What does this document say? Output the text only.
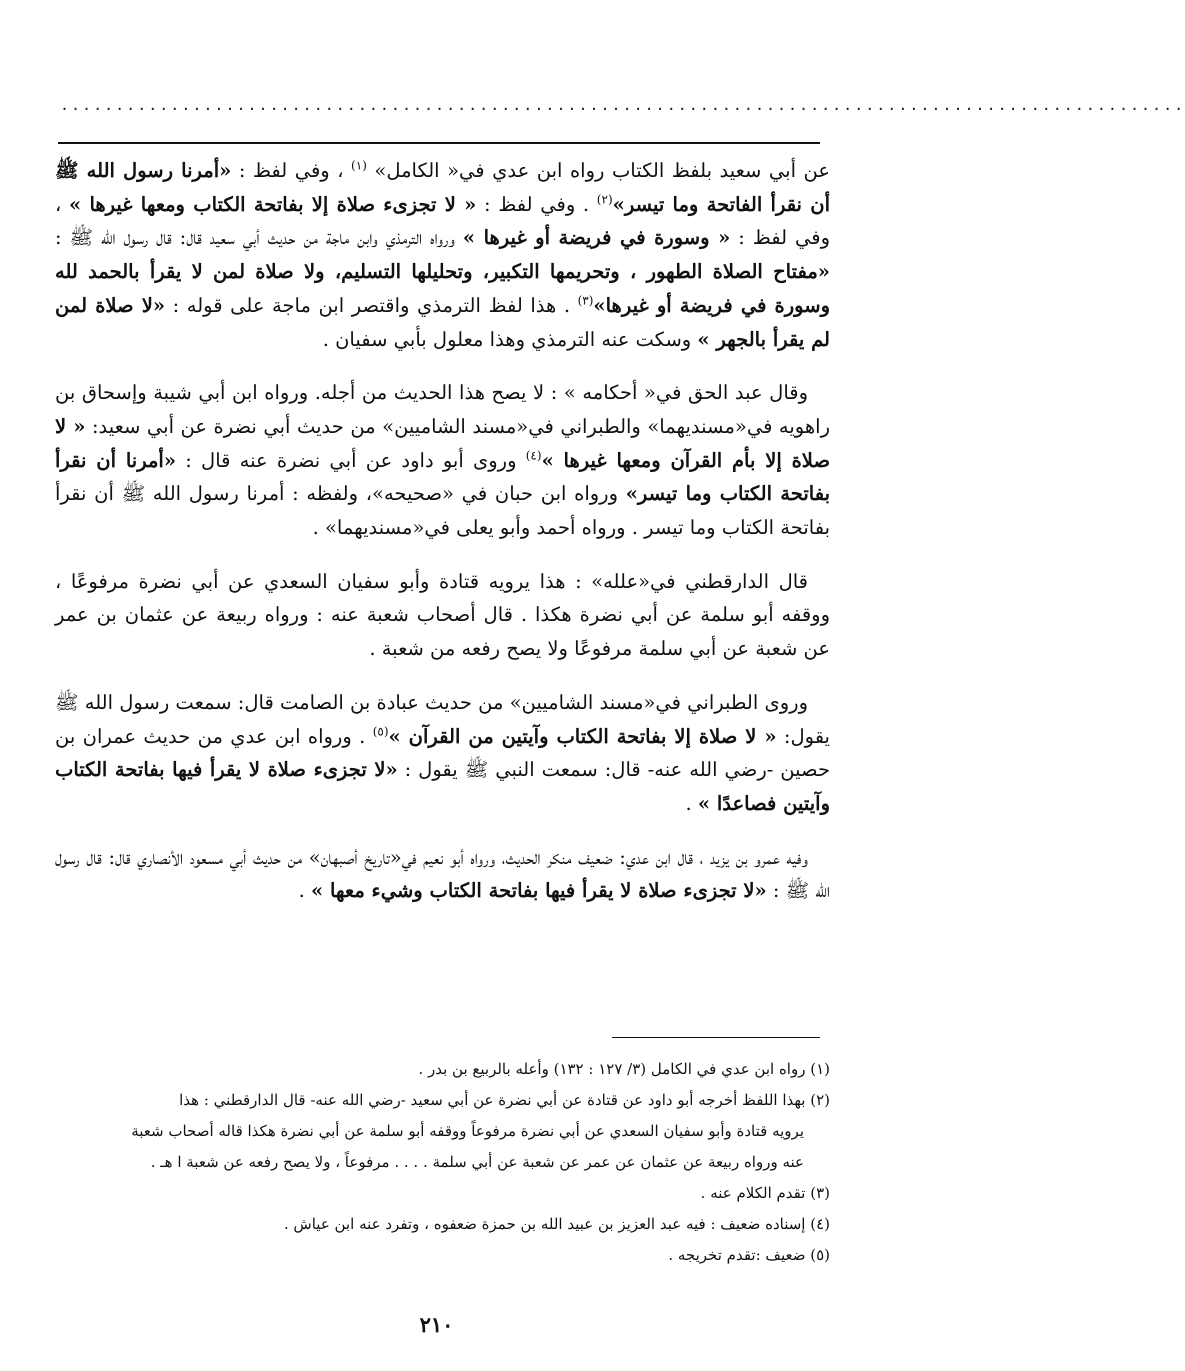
......................................................................................................

عن أبي سعيد بلفظ الكتاب رواه ابن عدي في« الكامل» $^{(١)}$ ، وفي لفظ : «أمرنا رسول الله ﷺ أن نقرأ الفاتحة وما تيسر»$^{(٢)}$ . وفي لفظ : « لا تجزىء صلاة إلا بفاتحة الكتاب ومعها غيرها » ، وفي لفظ : « وسورة في فريضة أو غيرها » ورواه الترمذي وابن ماجة من حديث أبي سعيد قال: قال رسول الله ﷺ : «مفتاح الصلاة الطهور ، وتحريمها التكبير، وتحليلها التسليم، ولا صلاة لمن لا يقرأ بالحمد لله وسورة في فريضة أو غيرها»$^{(٣)}$ . هذا لفظ الترمذي واقتصر ابن ماجة على قوله : «لا صلاة لمن لم يقرأ بالجهر » وسكت عنه الترمذي وهذا معلول بأبي سفيان .

وقال عبد الحق في« أحكامه » : لا يصح هذا الحديث من أجله. ورواه ابن أبي شيبة وإسحاق بن راهويه في«مسنديهما» والطبراني في«مسند الشاميين» من حديث أبي نضرة عن أبي سعيد: « لا صلاة إلا بأم القرآن ومعها غيرها »$^{(٤)}$ وروى أبو داود عن أبي نضرة عنه قال : «أمرنا أن نقرأ بفاتحة الكتاب وما تيسر» ورواه ابن حبان في «صحيحه»، ولفظه : أمرنا رسول الله ﷺ أن نقرأ بفاتحة الكتاب وما تيسر . ورواه أحمد وأبو يعلى في«مسنديهما» .

قال الدارقطني في«علله» : هذا يرويه قتادة وأبو سفيان السعدي عن أبي نضرة مرفوعًا ، ووقفه أبو سلمة عن أبي نضرة هكذا . قال أصحاب شعبة عنه : ورواه ربيعة عن عثمان بن عمر عن شعبة عن أبي سلمة مرفوعًا ولا يصح رفعه من شعبة .

وروى الطبراني في«مسند الشاميين» من حديث عبادة بن الصامت قال: سمعت رسول الله ﷺ يقول: « لا صلاة إلا بفاتحة الكتاب وآيتين من القرآن »$^{(٥)}$ . ورواه ابن عدي من حديث عمران بن حصين -رضي الله عنه- قال: سمعت النبي ﷺ يقول : «لا تجزىء صلاة لا يقرأ فيها بفاتحة الكتاب وآيتين فصاعدًا » .

وفيه عمرو بن يزيد ، قال ابن عدي: ضعيف منكر الحديث، ورواه أبو نعيم في«تاريخ أصبهان» من حديث أبي مسعود الأنصاري قال: قال رسول الله ﷺ : «لا تجزىء صلاة لا يقرأ فيها بفاتحة الكتاب وشيء معها » .

(١) رواه ابن عدي في الكامل (٣/ ١٢٧ : ١٣٢) وأعله بالربيع بن بدر .

(٢) بهذا اللفظ أخرجه أبو داود عن قتادة عن أبي نضرة عن أبي سعيد -رضي الله عنه- قال الدارقطني : هذا

يرويه قتادة وأبو سفيان السعدي عن أبي نضرة مرفوعاً ووقفه أبو سلمة عن أبي نضرة هكذا قاله أصحاب شعبة

عنه ورواه ربيعة عن عثمان عن عمر عن شعبة عن أبي سلمة . . . . مرفوعاً ، ولا يصح رفعه عن شعبة ا هـ .

(٣) تقدم الكلام عنه .

(٤) إسناده ضعيف : فيه عبد العزيز بن عبيد الله بن حمزة ضعفوه ، وتفرد عنه ابن عياش .

(٥) ضعيف :تقدم تخريجه .

٢١٠
